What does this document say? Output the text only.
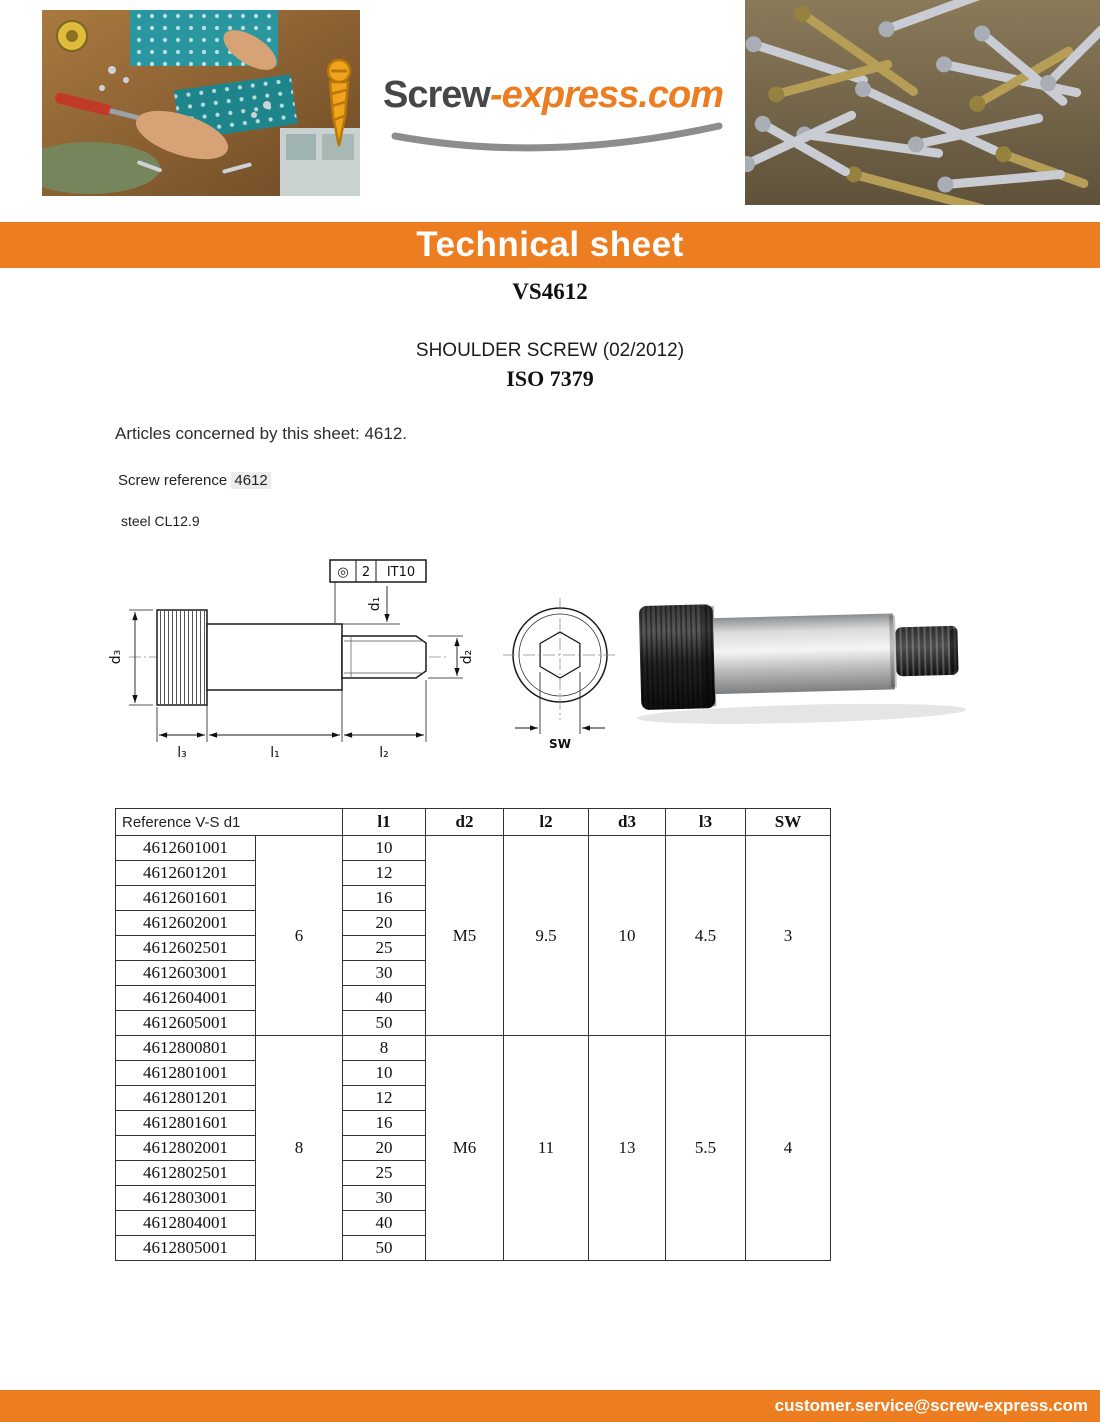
Screw-express.com
Technical sheet
VS4612
SHOULDER SCREW (02/2012)
ISO 7379
Articles concerned by this sheet: 4612.
Screw reference 4612
steel CL12.9
d₃
◎ 2 IT10
d₁
d₂
l₃	l₁	l₂
SW
Reference V-S d1		l1	d2	l2	d3	l3	SW
4612601001	6	10	M5	9.5	10	4.5	3
4612601201		12					
4612601601		16					
4612602001		20					
4612602501		25					
4612603001		30					
4612604001		40					
4612605001		50					
4612800801	8	8	M6	11	13	5.5	4
4612801001		10					
4612801201		12					
4612801601		16					
4612802001		20					
4612802501		25					
4612803001		30					
4612804001		40					
4612805001		50					
customer.service@screw-express.com
